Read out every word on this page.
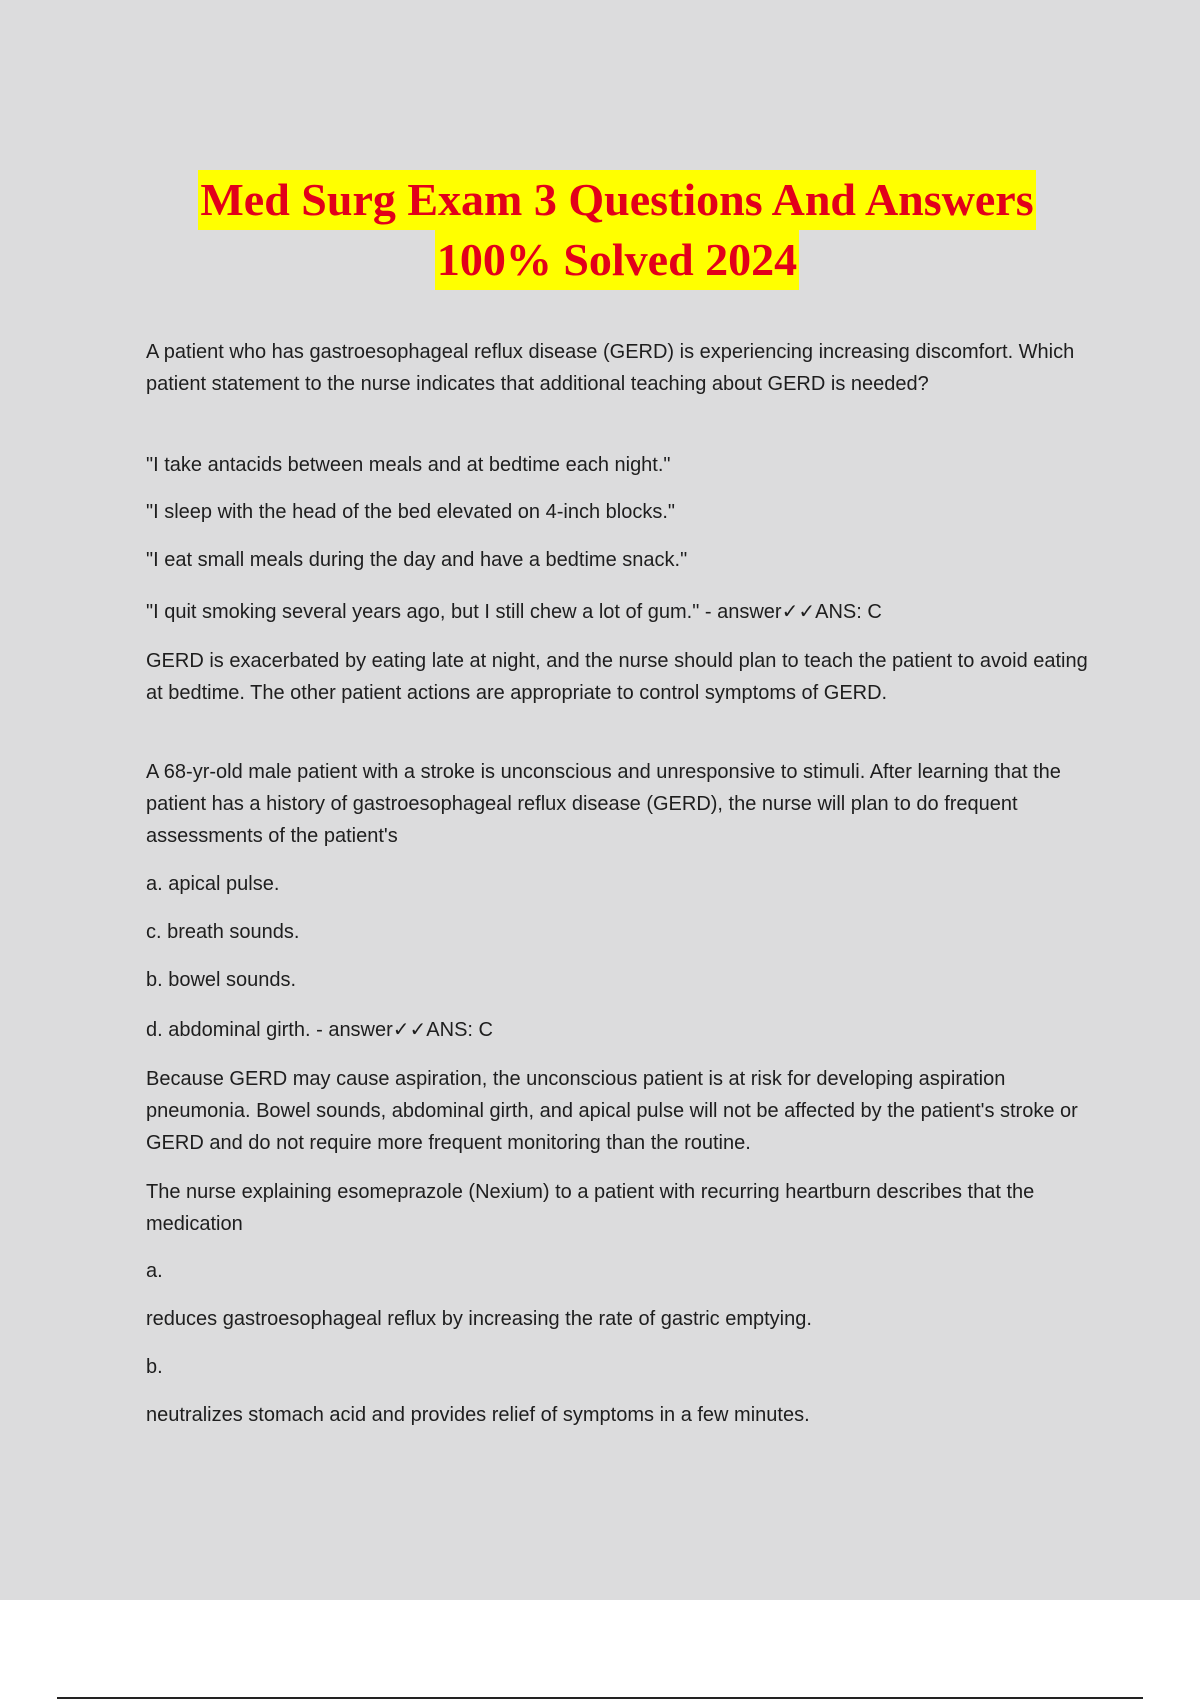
Med Surg Exam 3 Questions And Answers
100% Solved 2024
A patient who has gastroesophageal reflux disease (GERD) is experiencing increasing discomfort. Which patient statement to the nurse indicates that additional teaching about GERD is needed?
"I take antacids between meals and at bedtime each night."
"I sleep with the head of the bed elevated on 4-inch blocks."
"I eat small meals during the day and have a bedtime snack."
"I quit smoking several years ago, but I still chew a lot of gum." - answer✓✓ANS: C
GERD is exacerbated by eating late at night, and the nurse should plan to teach the patient to avoid eating at bedtime. The other patient actions are appropriate to control symptoms of GERD.
A 68-yr-old male patient with a stroke is unconscious and unresponsive to stimuli. After learning that the patient has a history of gastroesophageal reflux disease (GERD), the nurse will plan to do frequent assessments of the patient's
a. apical pulse.
c. breath sounds.
b. bowel sounds.
d. abdominal girth. - answer✓✓ANS: C
Because GERD may cause aspiration, the unconscious patient is at risk for developing aspiration pneumonia. Bowel sounds, abdominal girth, and apical pulse will not be affected by the patient's stroke or GERD and do not require more frequent monitoring than the routine.
The nurse explaining esomeprazole (Nexium) to a patient with recurring heartburn describes that the medication
a.
reduces gastroesophageal reflux by increasing the rate of gastric emptying.
b.
neutralizes stomach acid and provides relief of symptoms in a few minutes.
